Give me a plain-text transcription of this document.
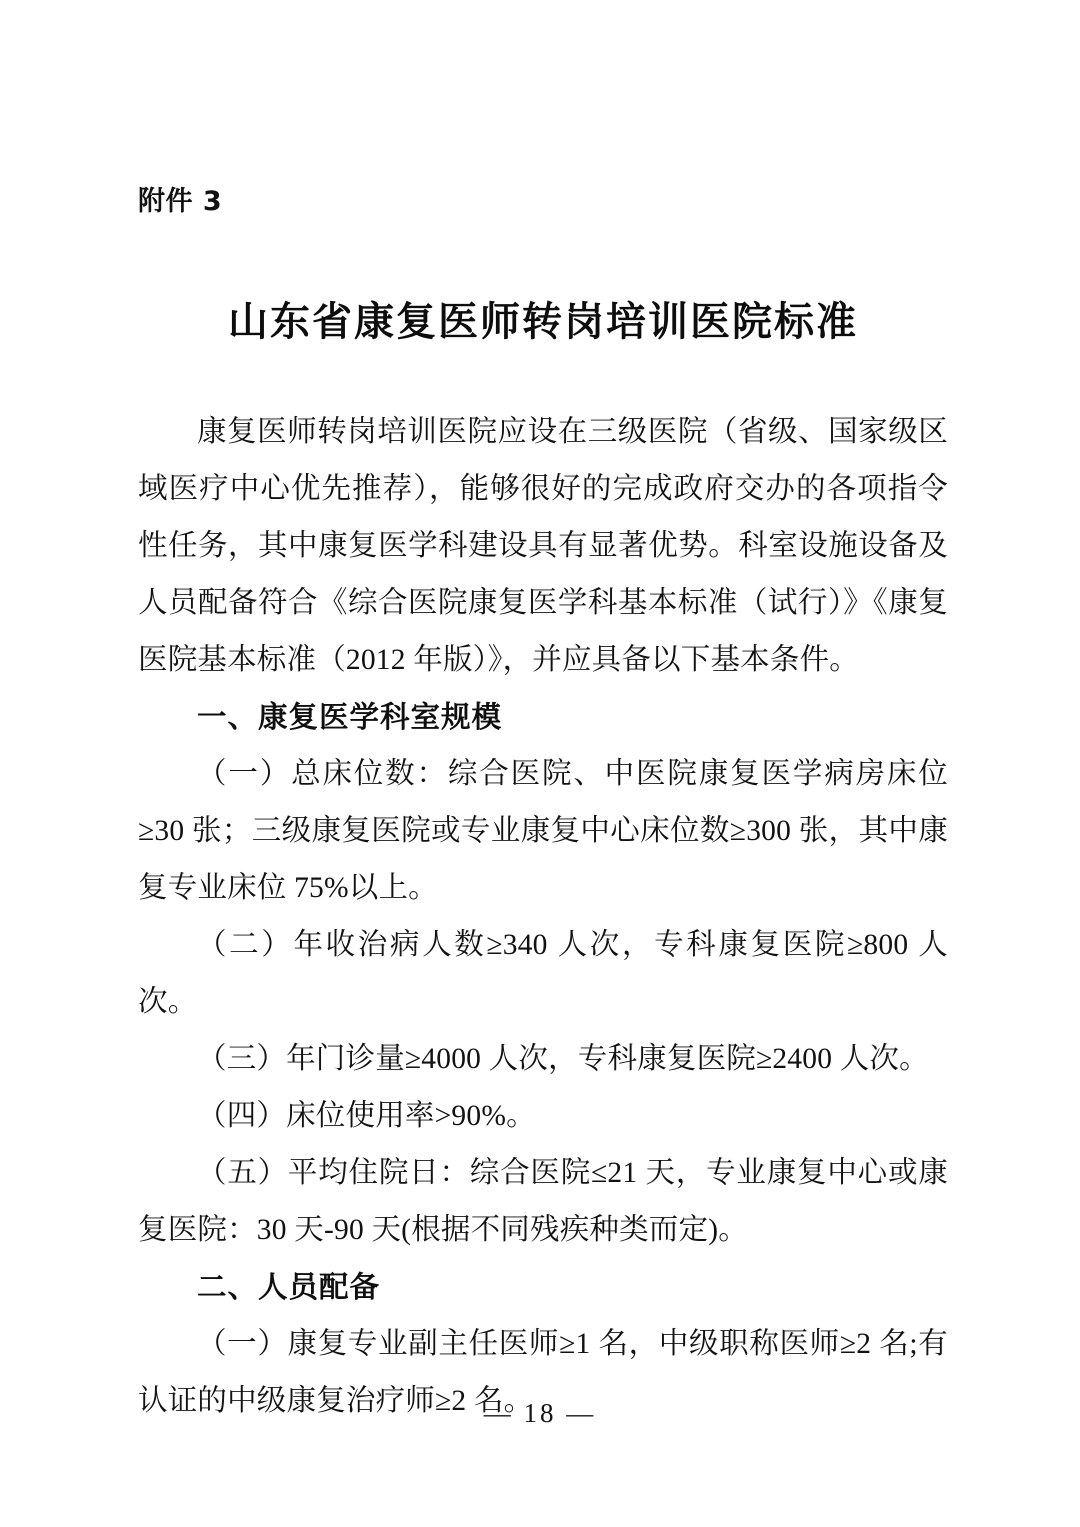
附件 3

山东省康复医师转岗培训医院标准

康复医师转岗培训医院应设在三级医院（省级、国家级区域医疗中心优先推荐），能够很好的完成政府交办的各项指令性任务，其中康复医学科建设具有显著优势。科室设施设备及人员配备符合《综合医院康复医学科基本标准（试行）》《康复医院基本标准（2012 年版）》，并应具备以下基本条件。

一、康复医学科室规模

（一）总床位数：综合医院、中医院康复医学病房床位≥30 张；三级康复医院或专业康复中心床位数≥300 张，其中康复专业床位 75%以上。

（二）年收治病人数≥340 人次，专科康复医院≥800 人次。

（三）年门诊量≥4000 人次，专科康复医院≥2400 人次。

（四）床位使用率>90%。

（五）平均住院日：综合医院≤21 天，专业康复中心或康复医院：30 天-90 天(根据不同残疾种类而定)。

二、人员配备

（一）康复专业副主任医师≥1 名，中级职称医师≥2 名;有认证的中级康复治疗师≥2 名。

— 18 —
